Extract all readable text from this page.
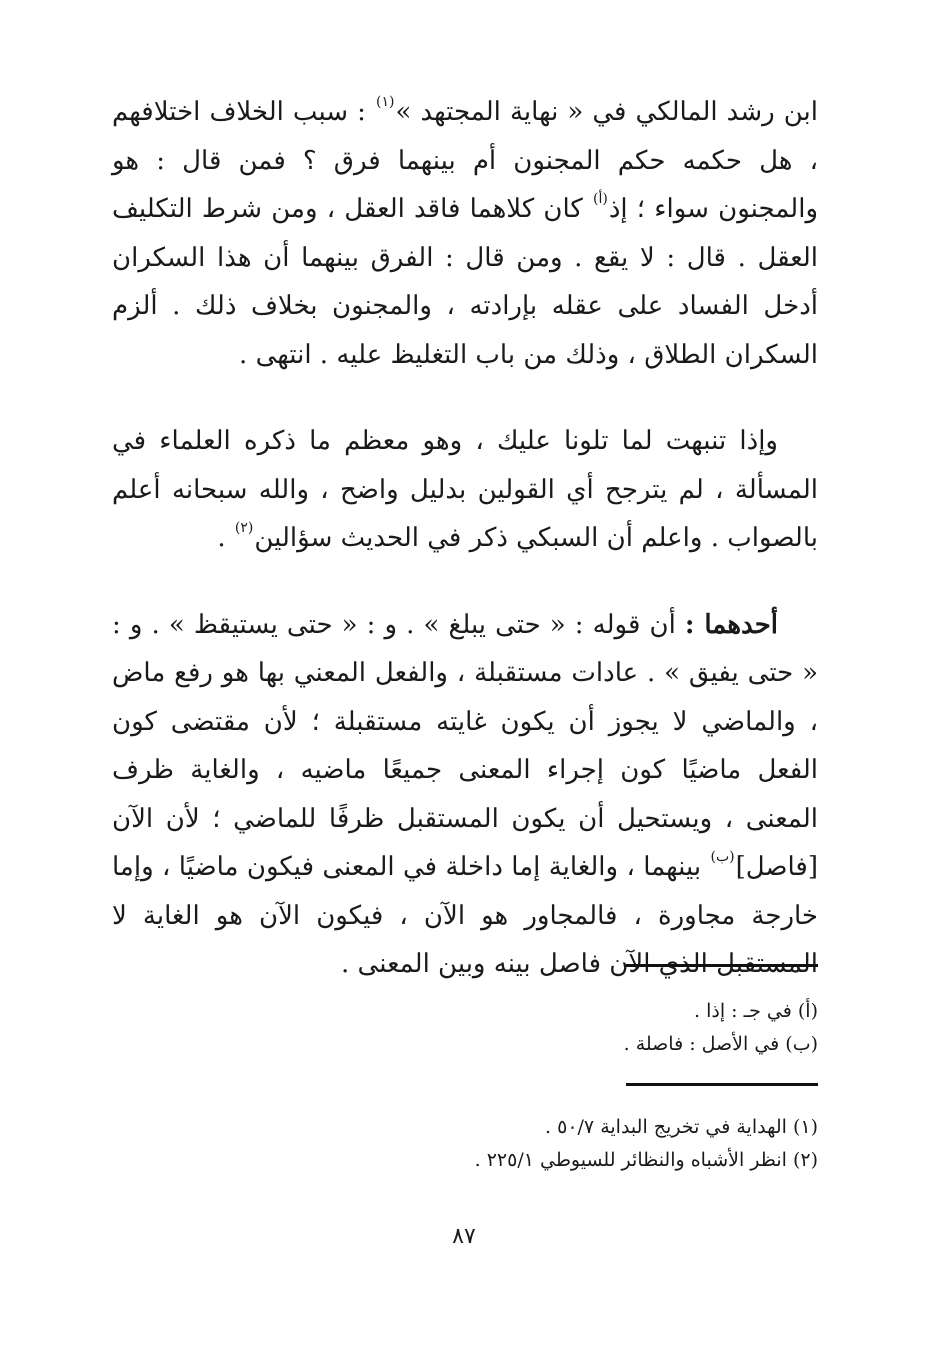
ابن رشد المالكي في « نهاية المجتهد »$^{(١)}$ : سبب الخلاف اختلافهم ، هل حكمه حكم المجنون أم بينهما فرق ؟ فمن قال : هو والمجنون سواء ؛ إذ$^{(أ)}$ كان كلاهما فاقد العقل ، ومن شرط التكليف العقل . قال : لا يقع . ومن قال : الفرق بينهما أن هذا السكران أدخل الفساد على عقله بإرادته ، والمجنون بخلاف ذلك . ألزم السكران الطلاق ، وذلك من باب التغليظ عليه . انتهى .

وإذا تنبهت لما تلونا عليك ، وهو معظم ما ذكره العلماء في المسألة ، لم يترجح أي القولين بدليل واضح ، والله سبحانه أعلم بالصواب . واعلم أن السبكي ذكر في الحديث سؤالين$^{(٢)}$ .

أحدهما : أن قوله : « حتى يبلغ » . و : « حتى يستيقظ » . و : « حتى يفيق » . عادات مستقبلة ، والفعل المعني بها هو رفع ماض ، والماضي لا يجوز أن يكون غايته مستقبلة ؛ لأن مقتضى كون الفعل ماضيًا كون إجراء المعنى جميعًا ماضيه ، والغاية ظرف المعنى ، ويستحيل أن يكون المستقبل ظرفًا للماضي ؛ لأن الآن [فاصل]$^{(ب)}$ بينهما ، والغاية إما داخلة في المعنى فيكون ماضيًا ، وإما خارجة مجاورة ، فالمجاور هو الآن ، فيكون الآن هو الغاية لا المستقبل الذي الآن فاصل بينه وبين المعنى .

(أ) في جـ : إذا .
(ب) في الأصل : فاصلة .
(١) الهداية في تخريج البداية ٥٠/٧ .
(٢) انظر الأشباه والنظائر للسيوطي ٢٢٥/١ .
٨٧
